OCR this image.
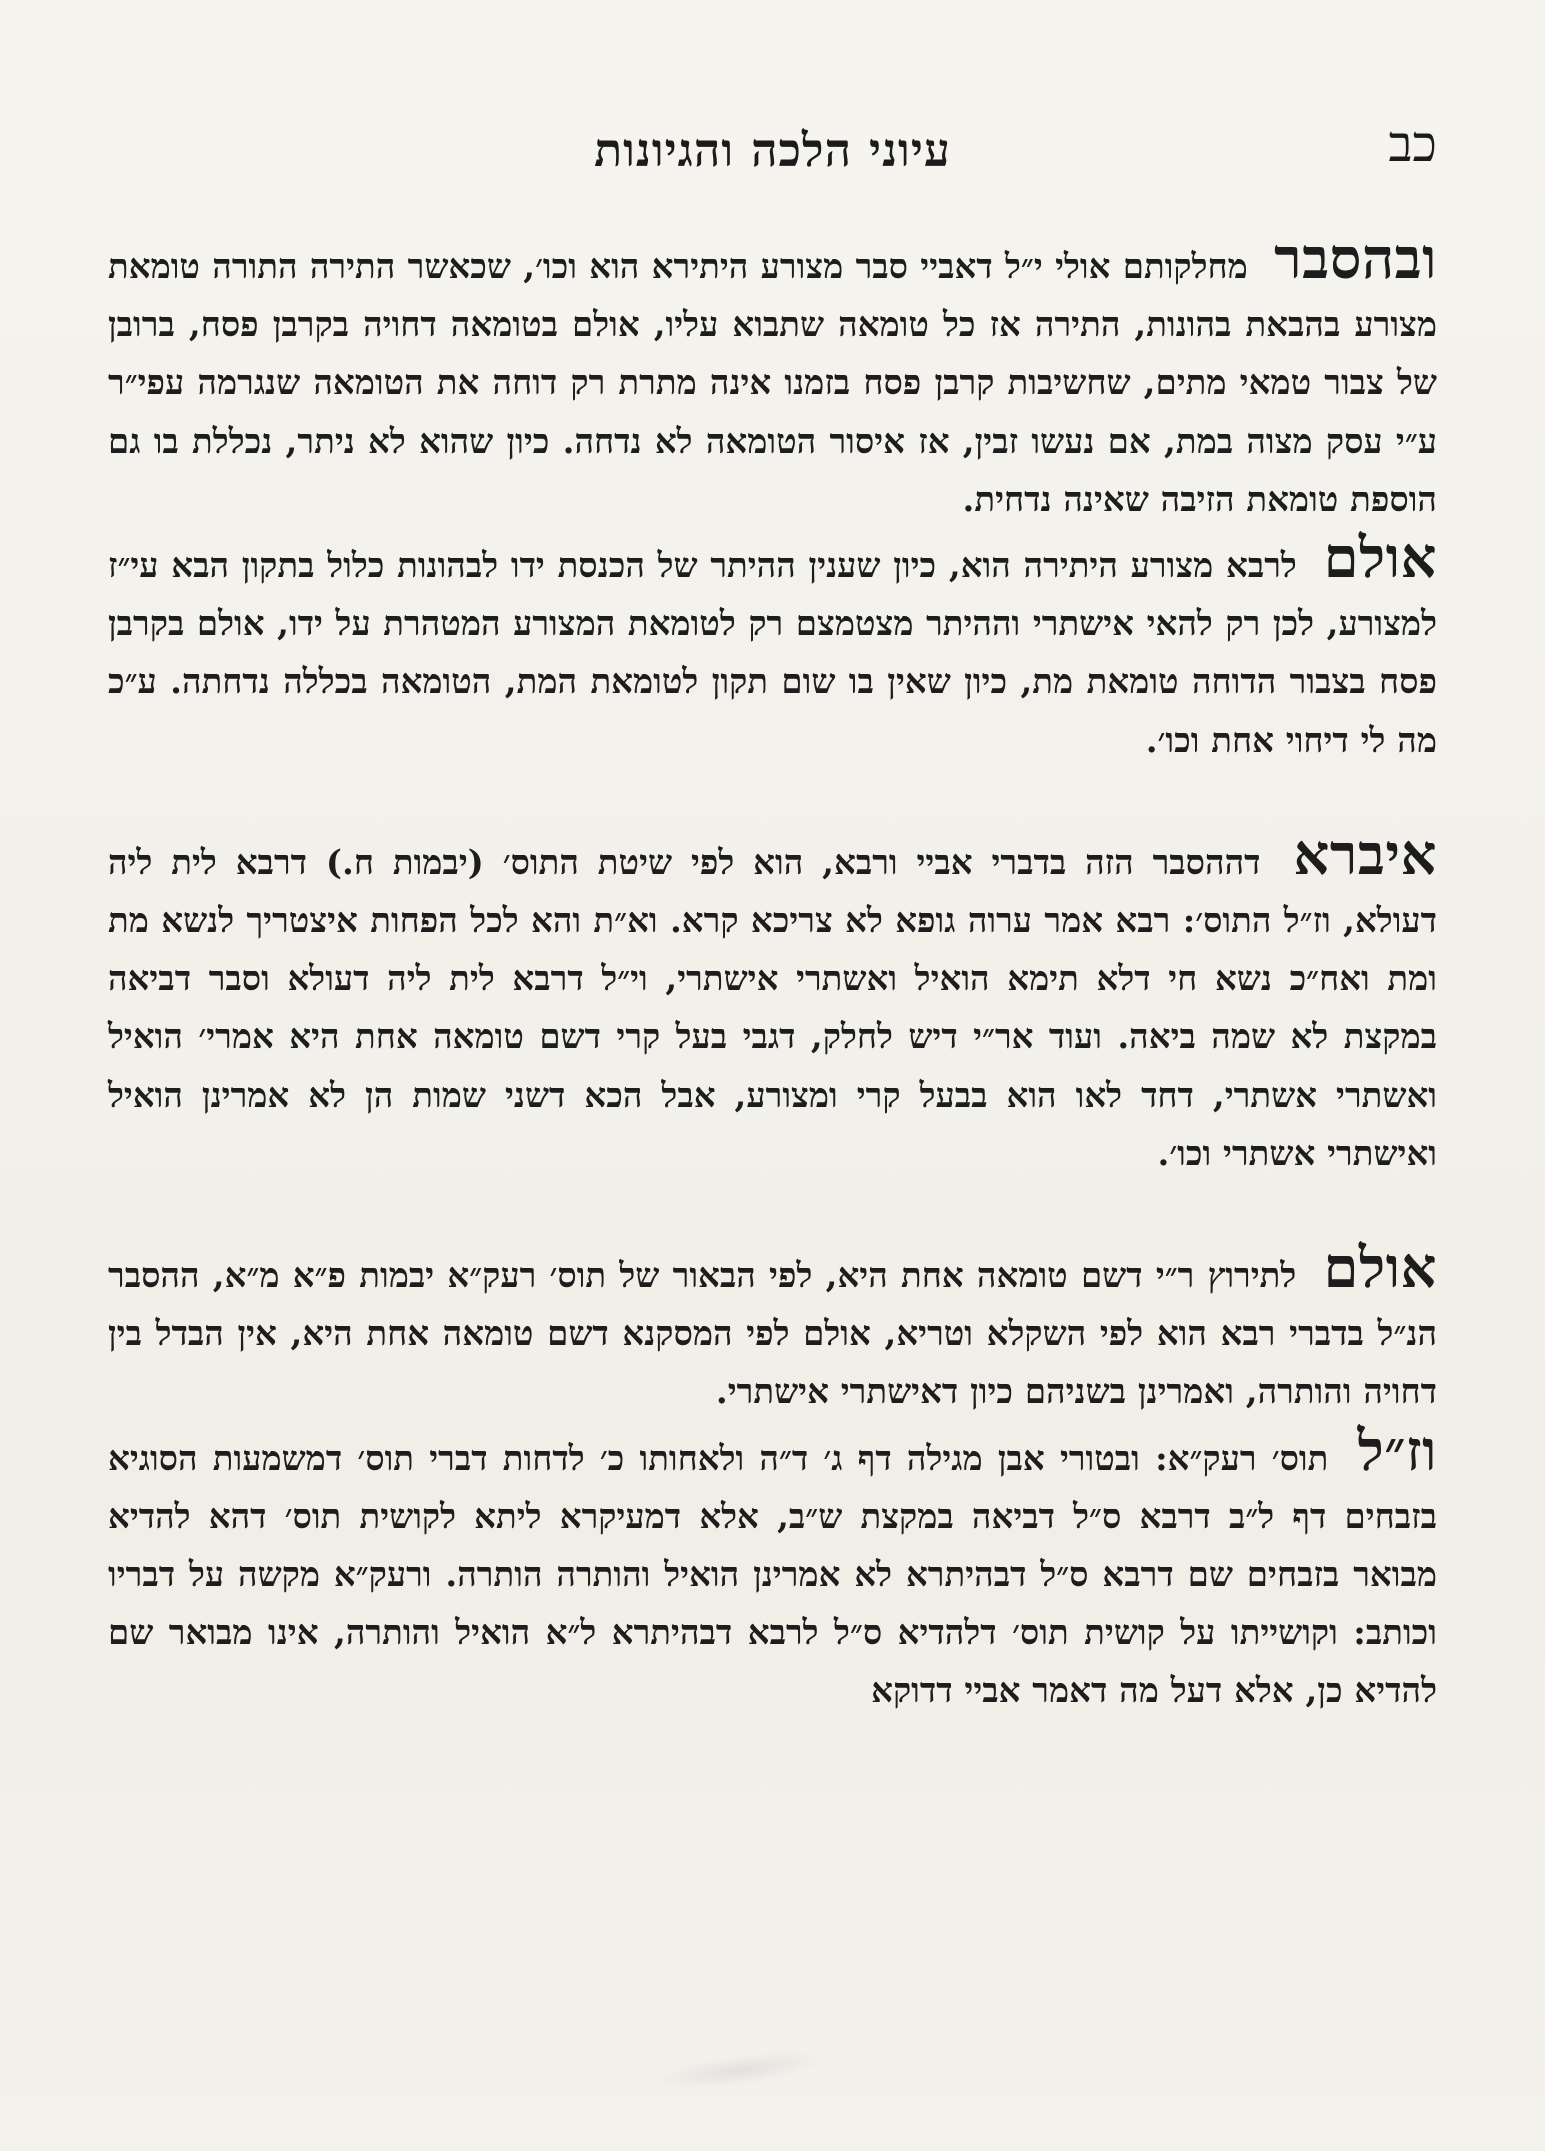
כב
עיוני הלכה והגיונות

ובהסבר מחלקותם אולי י״ל דאביי סבר מצורע היתירא הוא וכו׳, שכאשר התירה התורה טומאת מצורע בהבאת בהונות, התירה אז כל טומאה שתבוא עליו, אולם בטומאה דחויה בקרבן פסח, ברובן של צבור טמאי מתים, שחשיבות קרבן פסח בזמנו אינה מתרת רק דוחה את הטומאה שנגרמה עפי״ר ע״י עסק מצוה במת, אם נעשו זבין, אז איסור הטומאה לא נדחה. כיון שהוא לא ניתר, נכללת בו גם הוספת טומאת הזיבה שאינה נדחית.

אולם לרבא מצורע היתירה הוא, כיון שענין ההיתר של הכנסת ידו לבהונות כלול בתקון הבא עי״ז למצורע, לכן רק להאי אישתרי וההיתר מצטמצם רק לטומאת המצורע המטהרת על ידו, אולם בקרבן פסח בצבור הדוחה טומאת מת, כיון שאין בו שום תקון לטומאת המת, הטומאה בכללה נדחתה. ע״כ מה לי דיחוי אחת וכו׳.

איברא דההסבר הזה בדברי אביי ורבא, הוא לפי שיטת התוס׳ (יבמות ח.) דרבא לית ליה דעולא, וז״ל התוס׳: רבא אמר ערוה גופא לא צריכא קרא. וא״ת והא לכל הפחות איצטריך לנשא מת ומת ואח״כ נשא חי דלא תימא הואיל ואשתרי אישתרי, וי״ל דרבא לית ליה דעולא וסבר דביאה במקצת לא שמה ביאה. ועוד אר״י דיש לחלק, דגבי בעל קרי דשם טומאה אחת היא אמרי׳ הואיל ואשתרי אשתרי, דחד לאו הוא בבעל קרי ומצורע, אבל הכא דשני שמות הן לא אמרינן הואיל ואישתרי אשתרי וכו׳.

אולם לתירוץ ר״י דשם טומאה אחת היא, לפי הבאור של תוס׳ רעק״א יבמות פ״א מ״א, ההסבר הנ״ל בדברי רבא הוא לפי השקלא וטריא, אולם לפי המסקנא דשם טומאה אחת היא, אין הבדל בין דחויה והותרה, ואמרינן בשניהם כיון דאישתרי אישתרי.

וז״ל תוס׳ רעק״א: ובטורי אבן מגילה דף ג׳ ד״ה ולאחותו כ׳ לדחות דברי תוס׳ דמשמעות הסוגיא בזבחים דף ל״ב דרבא ס״ל דביאה במקצת ש״ב, אלא דמעיקרא ליתא לקושית תוס׳ דהא להדיא מבואר בזבחים שם דרבא ס״ל דבהיתרא לא אמרינן הואיל והותרה הותרה. ורעק״א מקשה על דבריו וכותב: וקושייתו על קושית תוס׳ דלהדיא ס״ל לרבא דבהיתרא ל״א הואיל והותרה, אינו מבואר שם להדיא כן, אלא דעל מה דאמר אביי דדוקא
